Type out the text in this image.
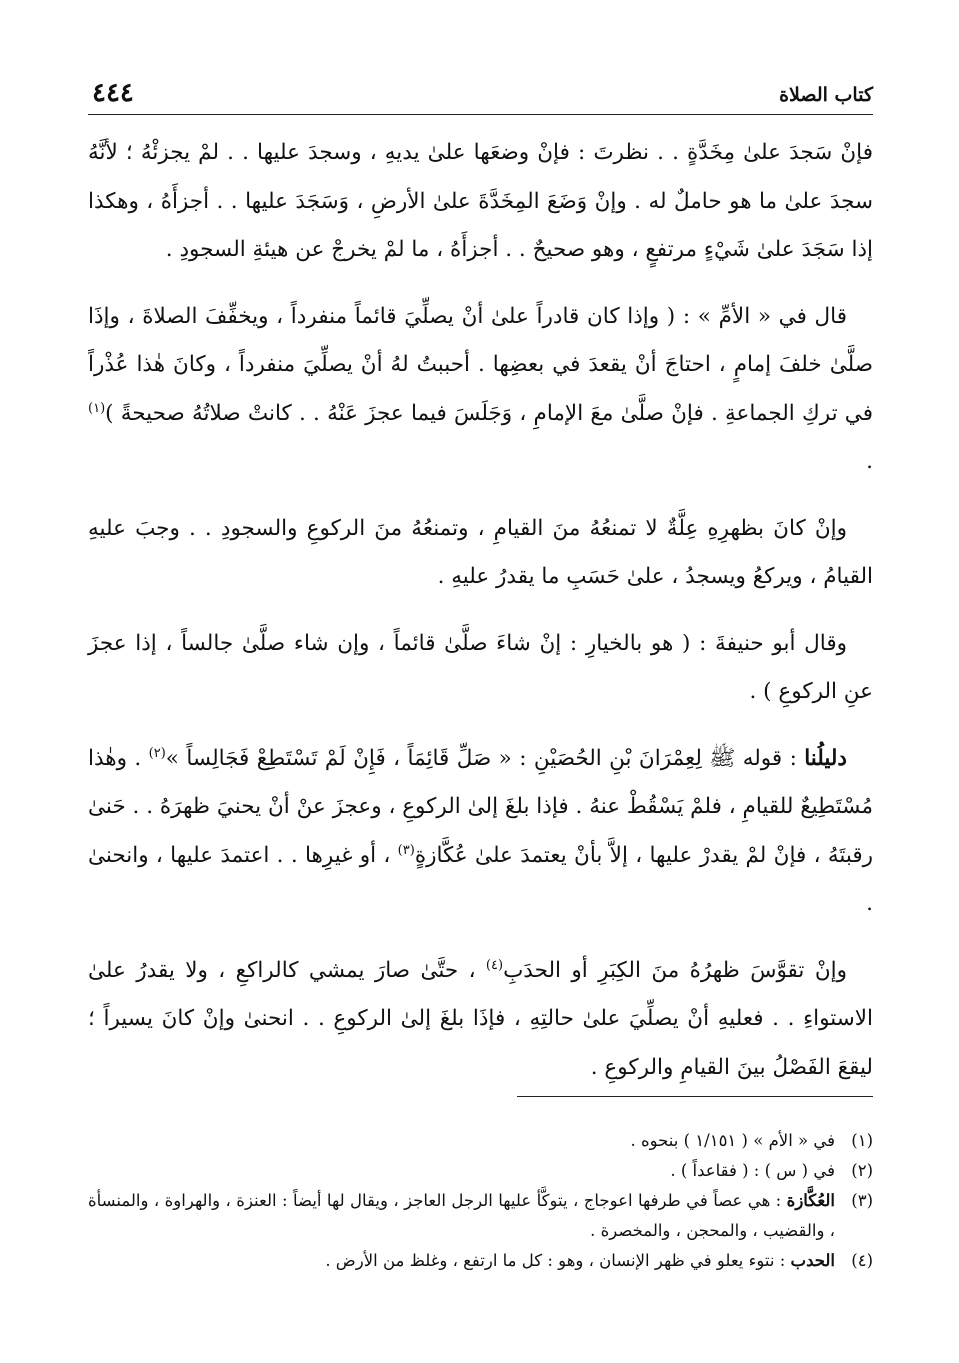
كتاب الصلاة
٤٤٤

فإنْ سَجدَ علىٰ مِخَدَّةٍ . . نظرتَ : فإنْ وضعَها علىٰ يديهِ ، وسجدَ عليها . . لمْ يجزئْهُ ؛ لأنَّهُ سجدَ علىٰ ما هو حاملٌ له . وإنْ وَضَعَ المِخَدَّةَ علىٰ الأرضِ ، وَسَجَدَ عليها . . أجزأَهُ ، وهكذا إذا سَجَدَ علىٰ شَيْءٍ مرتفعٍ ، وهو صحيحٌ . . أجزأَهُ ، ما لمْ يخرجْ عن هيئةِ السجودِ .

قال في « الأمِّ » : ( وإذا كان قادراً علىٰ أنْ يصلِّيَ قائماً منفرداً ، ويخفِّفَ الصلاةَ ، وإذَا صلَّىٰ خلفَ إمامٍ ، احتاجَ أنْ يقعدَ في بعضِها . أحببتُ لهُ أنْ يصلِّيَ منفرداً ، وكانَ هٰذا عُذْراً في تركِ الجماعةِ . فإنْ صلَّىٰ معَ الإمامِ ، وَجَلَسَ فيما عجزَ عَنْهُ . . كانتْ صلاتُهُ صحيحةً )$^{(١)}$ .

وإنْ كانَ بظهرِهِ عِلَّةٌ لا تمنعُهُ منَ القيامِ ، وتمنعُهُ منَ الركوعِ والسجودِ . . وجبَ عليهِ القيامُ ، ويركعُ ويسجدُ ، علىٰ حَسَبِ ما يقدرُ عليهِ .

وقال أبو حنيفةَ : ( هو بالخيارِ : إنْ شاءَ صلَّىٰ قائماً ، وإن شاء صلَّىٰ جالساً ، إذا عجزَ عنِ الركوعِ ) .

دليلُنا : قوله ﷺ لِعِمْرَانَ بْنِ الحُصَيْنِ : « صَلِّ قَائِمَاً ، فَإِنْ لَمْ تَسْتَطِعْ فَجَالِساً »$^{(٢)}$ . وهٰذا مُسْتَطِيعٌ للقيامِ ، فلمْ يَسْقُطْ عنهُ . فإذا بلغَ إلىٰ الركوعِ ، وعجزَ عنْ أنْ يحنيَ ظهرَهُ . . حَنىٰ رقبتَهُ ، فإنْ لمْ يقدرْ عليها ، إلاَّ بأنْ يعتمدَ علىٰ عُكَّازةٍ$^{(٣)}$ ، أو غيرِها . . اعتمدَ عليها ، وانحنىٰ .

وإنْ تقوَّسَ ظهرُهُ منَ الكِبَرِ أو الحدَبِ$^{(٤)}$ ، حتَّىٰ صارَ يمشي كالراكعِ ، ولا يقدرُ علىٰ الاستواءِ . . فعليهِ أنْ يصلِّيَ علىٰ حالتِهِ ، فإذَا بلغَ إلىٰ الركوعِ . . انحنىٰ وإنْ كانَ يسيراً ؛ ليقعَ الفَصْلُ بينَ القيامِ والركوعِ .

(١)
في « الأم » ( ١/١٥١ ) بنحوه .
(٢)
في ( س ) : ( فقاعداً ) .
(٣)
العُكَّازة : هي عصاً في طرفها اعوجاج ، يتوكَّأ عليها الرجل العاجز ، ويقال لها أيضاً : العنزة ، والهراوة ، والمنسأة ، والقضيب ، والمحجن ، والمخصرة .
(٤)
الحدب : نتوء يعلو في ظهر الإنسان ، وهو : كل ما ارتفع ، وغلظ من الأرض .
